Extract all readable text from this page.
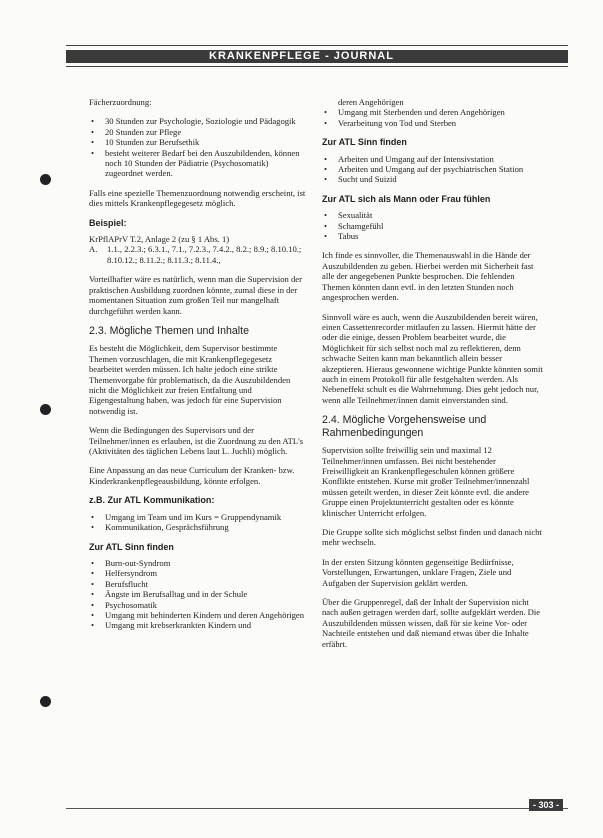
KRANKENPFLEGE - JOURNAL

Fächerzuordnung:

• 30 Stunden zur Psychologie, Soziologie und Pädagogik
• 20 Stunden zur Pflege
• 10 Stunden zur Berufsethik
• besteht weiterer Bedarf bei den Auszubildenden, können noch 10 Stunden der Pädiatrie (Psychosomatik) zugeordnet werden.

Falls eine spezielle Themenzuordnung notwendig erscheint, ist dies mittels Krankenpflegegesetz möglich.

Beispiel:

KrPflAPrV T.2, Anlage 2 (zu § 1 Abs. 1)
A.	1.1., 2.2.3.; 6.3.1., 7.1., 7.2.3., 7.4.2., 8.2.; 8.9.; 8.10.10.; 8.10.12.; 8.11.2.; 8.11.3.; 8.11.4.,

Vorteilhafter wäre es natürlich, wenn man die Supervision der praktischen Ausbildung zuordnen könnte, zumal diese in der momentanen Situation zum großen Teil nur mangelhaft durchgeführt werden kann.

2.3. Mögliche Themen und Inhalte

Es besteht die Möglichkeit, dem Supervisor bestimmte Themen vorzuschlagen, die mit Krankenpflegegesetz bearbeitet werden müssen. Ich halte jedoch eine strikte Themenvorgabe für problematisch, da die Auszubildenden nicht die Möglichkeit zur freien Entfaltung und Eigengestaltung haben, was jedoch für eine Supervision notwendig ist.

Wenn die Bedingungen des Supervisors und der Teilnehmer/innen es erlauben, ist die Zuordnung zu den ATL's (Aktivitäten des täglichen Lebens laut L. Juchli) möglich.

Eine Anpassung an das neue Curriculum der Kranken- bzw. Kinderkrankenpflegeausbildung, könnte erfolgen.

z.B. Zur ATL Kommunikation:

• Umgang im Team und im Kurs = Gruppendynamik
• Kommunikation, Gesprächsführung

Zur ATL Sinn finden

• Burn-out-Syndrom
• Helfersyndrom
• Berufsflucht
• Ängste im Berufsalltag und in der Schule
• Psychosomatik
• Umgang mit behinderten Kindern und deren Angehörigen
• Umgang mit krebserkrankten Kindern und
deren Angehörigen
• Umgang mit Sterbenden und deren Angehörigen
• Verarbeitung von Tod und Sterben

Zur ATL Sinn finden

• Arbeiten und Umgang auf der Intensivstation
• Arbeiten und Umgang auf der psychiatrischen Station
• Sucht und Suizid

Zur ATL sich als Mann oder Frau fühlen

• Sexualität
• Schamgefühl
• Tabus

Ich finde es sinnvoller, die Themenauswahl in die Hände der Auszubildenden zu geben. Hierbei werden mit Sicherheit fast alle der angegebenen Punkte besprochen. Die fehlenden Themen könnten dann evtl. in den letzten Stunden noch angesprochen werden.

Sinnvoll wäre es auch, wenn die Auszubildenden bereit wären, einen Cassettenrecorder mitlaufen zu lassen. Hiermit hätte der oder die einige, dessen Problem bearbeitet wurde, die Möglichkeit für sich selbst noch mal zu reflektieren, denn schwache Seiten kann man bekanntlich allein besser akzeptieren. Hieraus gewonnene wichtige Punkte könnten somit auch in einem Protokoll für alle festgehalten werden. Als Nebeneffekt schult es die Wahrnehmung. Dies geht jedoch nur, wenn alle Teilnehmer/innen damit einverstanden sind.

2.4. Mögliche Vorgehensweise und Rahmenbedingungen

Supervision sollte freiwillig sein und maximal 12 Teilnehmer/innen umfassen. Bei nicht bestehender Freiwilligkeit an Krankenpflegeschulen können größere Konflikte entstehen. Kurse mit großer Teilnehmer/innenzahl müssen geteilt werden, in dieser Zeit könnte evtl. die andere Gruppe einen Projektunterricht gestalten oder es könnte klinischer Unterricht erfolgen.

Die Gruppe sollte sich möglichst selbst finden und danach nicht mehr wechseln.

In der ersten Sitzung könnten gegenseitige Bedürfnisse, Vorstellungen, Erwartungen, unklare Fragen, Ziele und Aufgaben der Supervision geklärt werden.

Über die Gruppenregel, daß der Inhalt der Supervision nicht nach außen getragen werden darf, sollte aufgeklärt werden. Die Auszubildenden müssen wissen, daß für sie keine Vor- oder Nachteile entstehen und daß niemand etwas über die Inhalte erfährt.

- 303 -
